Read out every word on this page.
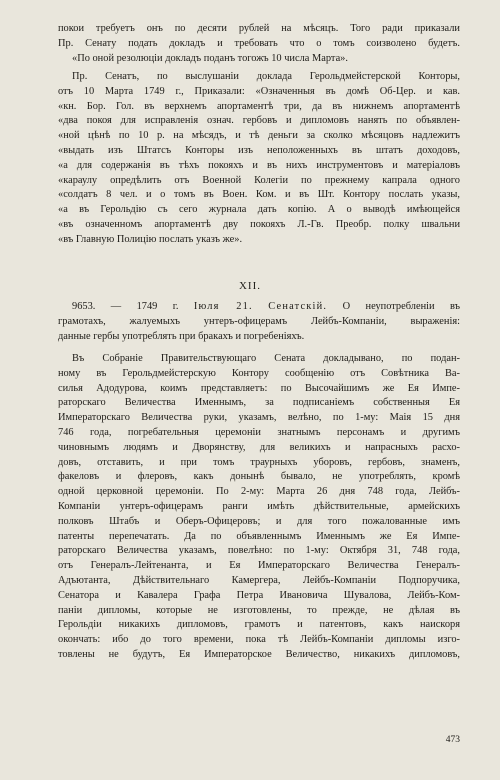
покои требуетъ онъ по десяти рублей на мѣсяцъ. Того ради приказали
Пр. Сенату подать докладъ и требовать что о томъ соизволено будетъ.
«По оной резолюціи докладъ поданъ тогожъ 10 числа Марта».
Пр. Сенатъ, по выслушаніи доклада Герольдмейстерской Конторы,
отъ 10 Марта 1749 г., Приказали: «Означенныя въ домѣ Об-Цер. и кав.
«кн. Бор. Гол. въ верхнемъ апортаментѣ три, да въ нижнемъ апортаментѣ
«два покоя для исправленія означ. гербовъ и дипломовъ нанять по объявлен-
«ной цѣнѣ по 10 р. на мѣсядъ, и тѣ деньги за сколко мѣсяцовъ надлежитъ
«выдать изъ Штатсъ Конторы изъ неположенныхъ въ штатъ доходовъ,
«а для содержанія въ тѣхъ покояхъ и въ нихъ инструментовъ и матеріаловъ
«караулу опредѣлить отъ Военной Колегіи по прежнему капрала одного
«солдатъ 8 чел. и о томъ въ Воен. Ком. и въ Шт. Контору послать указы,
«а въ Герольдію съ сего журнала дать копію. А о выводѣ имѣющейся
«въ означенномъ апортаментѣ дву покояхъ Л.-Гв. Преобр. полку швальни
«въ Главную Полицію послать указъ же».
XII.
9653. — 1749 г. Іюля 21. Сенатскій. О неупотребленіи въ
грамотахъ, жалуемыхъ унтеръ-офицерамъ Лейбъ-Компаніи, выраженія:
данные гербы употреблять при бракахъ и погребеніяхъ.
Въ Собраніе Правительствующаго Сената докладывано, по подан-
ному въ Герольдмейстерскую Контору сообщенію отъ Совѣтника Ва-
силья Адодурова, коимъ представляетъ: по Высочайшимъ же Ея Импе-
раторскаго Величества Именнымъ, за подписаніемъ собственныя Ея
Императорскаго Величества руки, указамъ, велѣно, по 1-му: Маія 15 дня
746 года, погребательныя церемоніи знатнымъ персонамъ и другимъ
чиновнымъ людямъ и Дворянству, для великихъ и напрасныхъ расхо-
довъ, отставить, и при томъ траурныхъ уборовъ, гербовъ, знаменъ,
факеловъ и флеровъ, какъ донынѣ бывало, не употреблять, кромѣ
одной церковной церемоніи. По 2-му: Марта 26 дня 748 года, Лейбъ-
Компаніи унтеръ-офицерамъ ранги имѣть дѣйствительные, армейскихъ
полковъ Штабъ и Оберъ-Офицеровъ; и для того пожалованные имъ
патенты перепечатать. Да по объявленнымъ Именнымъ же Ея Импе-
раторскаго Величества указамъ, повелѣно: по 1-му: Октября 31, 748 года,
отъ Генералъ-Лейтенанта, и Ея Императорскаго Величества Генералъ-
Адъютанта, Дѣйствительнаго Камергера, Лейбъ-Компаніи Подпоручика,
Сенатора и Кавалера Графа Петра Ивановича Шувалова, Лейбъ-Ком-
паніи дипломы, которые не изготовлены, то прежде, не дѣлая въ
Герольдіи никакихъ дипломовъ, грамотъ и патентовъ, какъ наискоря
окончать: ибо до того времени, пока тѣ Лейбъ-Компаніи дипломы изго-
товлены не будутъ, Ея Императорское Величество, никакихъ дипломовъ,
473
